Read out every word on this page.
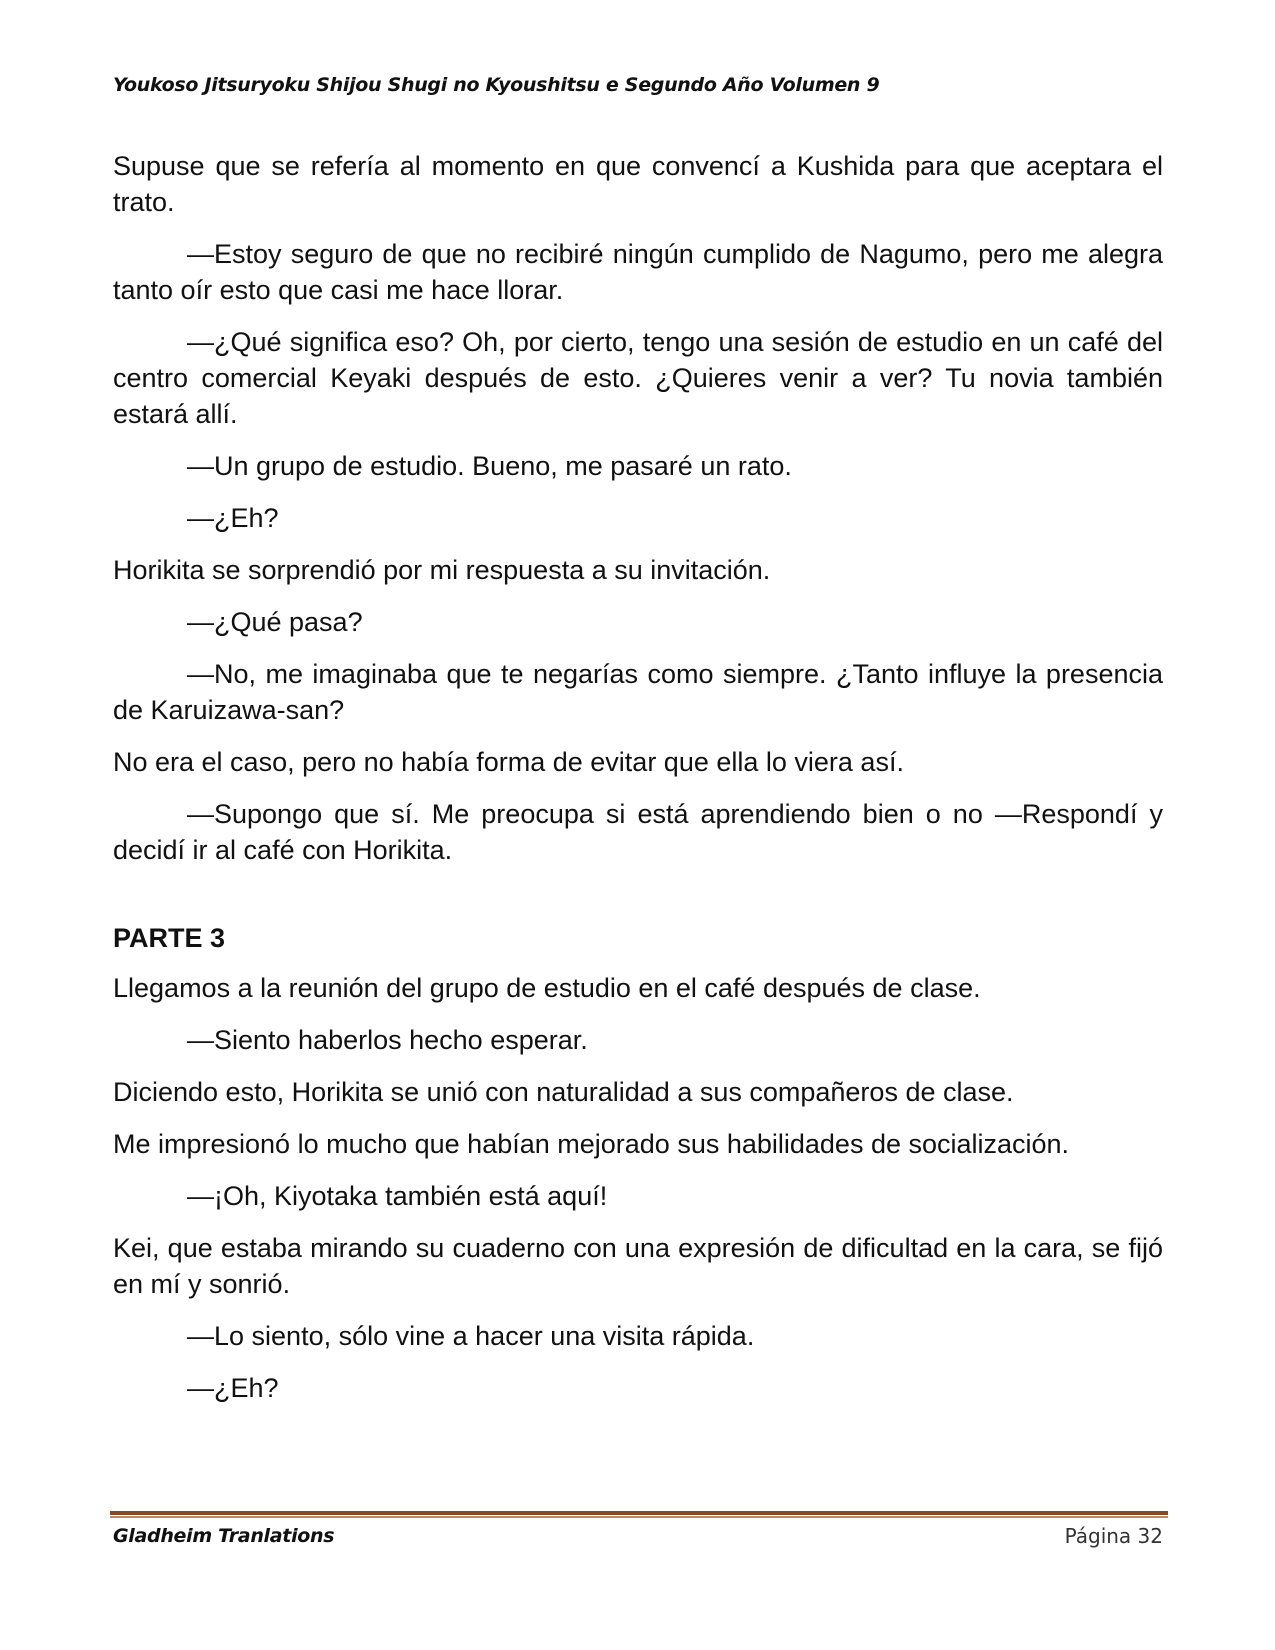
Youkoso Jitsuryoku Shijou Shugi no Kyoushitsu e Segundo Año Volumen 9

Supuse que se refería al momento en que convencí a Kushida para que aceptara el trato.

—Estoy seguro de que no recibiré ningún cumplido de Nagumo, pero me alegra tanto oír esto que casi me hace llorar.

—¿Qué significa eso? Oh, por cierto, tengo una sesión de estudio en un café del centro comercial Keyaki después de esto. ¿Quieres venir a ver? Tu novia también estará allí.

—Un grupo de estudio. Bueno, me pasaré un rato.

—¿Eh?

Horikita se sorprendió por mi respuesta a su invitación.

—¿Qué pasa?

—No, me imaginaba que te negarías como siempre. ¿Tanto influye la presencia de Karuizawa-san?

No era el caso, pero no había forma de evitar que ella lo viera así.

—Supongo que sí. Me preocupa si está aprendiendo bien o no —Respondí y decidí ir al café con Horikita.

PARTE 3

Llegamos a la reunión del grupo de estudio en el café después de clase.

—Siento haberlos hecho esperar.

Diciendo esto, Horikita se unió con naturalidad a sus compañeros de clase.

Me impresionó lo mucho que habían mejorado sus habilidades de socialización.

—¡Oh, Kiyotaka también está aquí!

Kei, que estaba mirando su cuaderno con una expresión de dificultad en la cara, se fijó en mí y sonrió.

—Lo siento, sólo vine a hacer una visita rápida.

—¿Eh?

Gladheim Tranlations	Página 32
